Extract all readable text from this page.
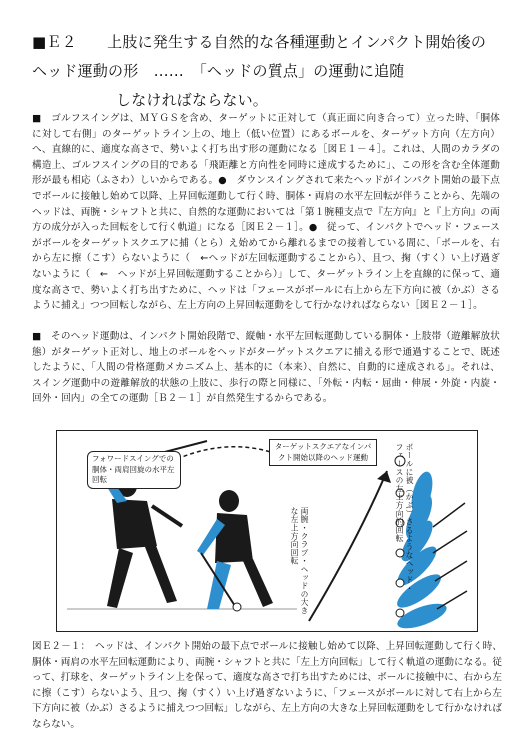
■Ｅ２　　上肢に発生する自然的な各種運動とインパクト開始後の
ヘッド運動の形　……　「ヘッドの質点」の運動に追随
しなければならない。
■　ゴルフスイングは、ＭＹＧＳを含め、ターゲットに正対して（真正面に向き合って）立った時、「胴体に対して右側」のターゲットライン上の、地上（低い位置）にあるボールを、ターゲット方向（左方向）へ、直線的に、適度な高さで、勢いよく打ち出す形の運動になる［図Ｅ１－４］。これは、人間のカラダの構造上、ゴルフスイングの目的である「飛距離と方向性を同時に達成するために」、この形を含む全体運動形が最も相応（ふさわ）しいからである。●　ダウンスイングされて来たヘッドがインパクト開始の最下点でボールに接触し始めて以降、上昇回転運動して行く時、胴体・両肩の水平左回転が伴うことから、先端のヘッドは、両腕・シャフトと共に、自然的な運動においては「第１腕種支点で『左方向』と『上方向』の両方の成分が入った回転をして行く軌道」になる［図Ｅ２－１］。●　従って、インパクトでヘッド・フェースがボールをターゲットスクエアに捕（とら）え始めてから離れるまでの接着している間に、「ボールを、右から左に擦（こす）らないように（　←ヘッドが左回転運動することから）、且つ、掬（すく）い上げ過ぎないように（　←　ヘッドが上昇回転運動することから）」して、ターゲットライン上を直線的に保って、適度な高さで、勢いよく打ち出すために、ヘッドは「フェースがボールに右上から左下方向に被（かぶ）さるように捕え」つつ回転しながら、左上方向の上昇回転運動をして行かなければならない［図Ｅ２－１］。
■　そのヘッド運動は、インパクト開始段階で、縦軸・水平左回転運動している胴体・上肢帯（遊離解放状態）がターゲット正対し、地上のボールをヘッドがターゲットスクエアに捕える形で通過することで、既述したように、「人間の骨格運動メカニズム上、基本的に（本来）、自然に、自動的に達成される」。それは、スイング運動中の遊離解放的状態の上肢に、歩行の際と同様に、「外転・内転・屈曲・伸展・外旋・内旋・回外・回内」の全ての運動［Ｂ２－１］が自然発生するからである。
フォワードスイングでの胴体・両肩回旋の水平左回転
ターゲットスクエアなインパクト開始以降のヘッド運動	ボールに被（かぶ）さるようなヘッド・フェースの左上方向的回転
両腕・クラブ・ヘッドの大きな左上方向回転
図Ｅ２－１：　ヘッドは、インパクト開始の最下点でボールに接触し始めて以降、上昇回転運動して行く時、胴体・両肩の水平左回転運動により、両腕・シャフトと共に「左上方向回転」して行く軌道の運動になる。従って、打球を、ターゲットライン上を保って、適度な高さで打ち出すためには、ボールに接触中に、右から左に擦（こす）らないよう、且つ、掬（すく）い上げ過ぎないように、「フェースがボールに対して右上から左下方向に被（かぶ）さるように捕えつつ回転」しながら、左上方向の大きな上昇回転運動をして行かなければならない。
